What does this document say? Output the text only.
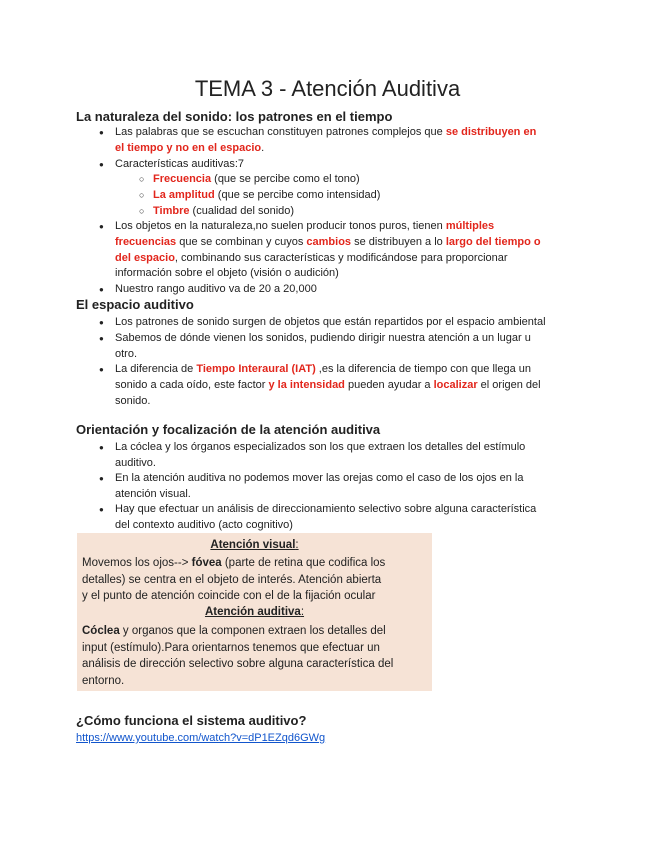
TEMA 3 - Atención Auditiva
La naturaleza del sonido: los patrones en el tiempo
● Las palabras que se escuchan constituyen patrones complejos que se distribuyen en
el tiempo y no en el espacio.
● Características auditivas:7
○ Frecuencia (que se percibe como el tono)
○ La amplitud (que se percibe como intensidad)
○ Timbre (cualidad del sonido)
● Los objetos en la naturaleza,no suelen producir tonos puros, tienen múltiples
frecuencias que se combinan y cuyos cambios se distribuyen a lo largo del tiempo o
del espacio, combinando sus características y modificándose para proporcionar
información sobre el objeto (visión o audición)
● Nuestro rango auditivo va de 20 a 20,000
El espacio auditivo
● Los patrones de sonido surgen de objetos que están repartidos por el espacio ambiental
● Sabemos de dónde vienen los sonidos, pudiendo dirigir nuestra atención a un lugar u
otro.
● La diferencia de Tiempo Interaural (IAT) ,es la diferencia de tiempo con que llega un
sonido a cada oído, este factor y la intensidad pueden ayudar a localizar el origen del
sonido.
Orientación y focalización de la atención auditiva
● La cóclea y los órganos especializados son los que extraen los detalles del estímulo
auditivo.
● En la atención auditiva no podemos mover las orejas como el caso de los ojos en la
atención visual.
● Hay que efectuar un análisis de direccionamiento selectivo sobre alguna característica
del contexto auditivo (acto cognitivo)
Atención visual:
Movemos los ojos--> fóvea (parte de retina que codifica los
detalles) se centra en el objeto de interés. Atención abierta
y el punto de atención coincide con el de la fijación ocular
Atención auditiva:
Cóclea y organos que la componen extraen los detalles del
input (estímulo).Para orientarnos tenemos que efectuar un
análisis de dirección selectivo sobre alguna característica del
entorno.
¿Cómo funciona el sistema auditivo?
https://www.youtube.com/watch?v=dP1EZqd6GWg
